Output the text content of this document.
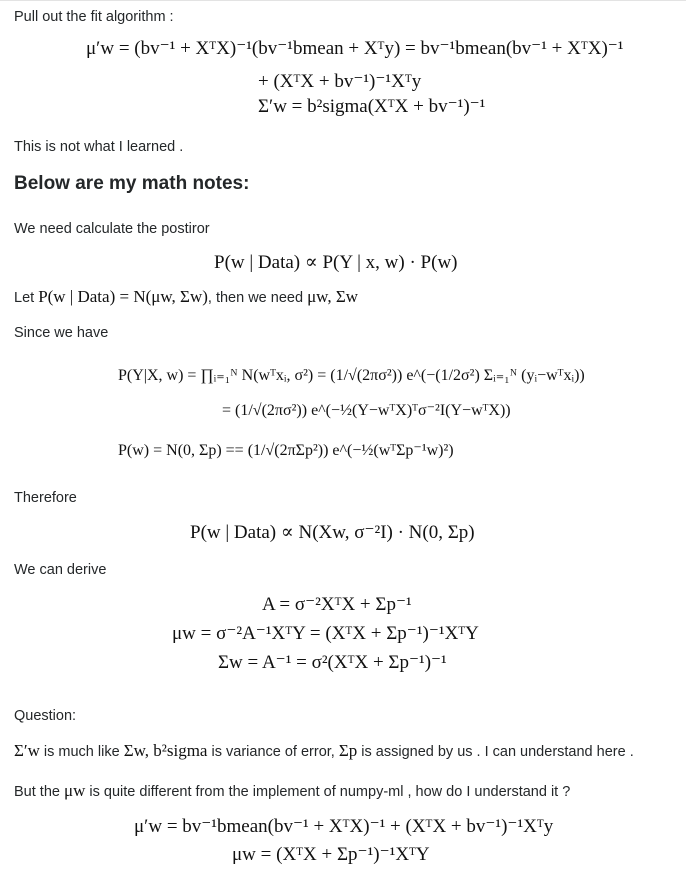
Pull out the fit algorithm :

μ′w = (bv⁻¹ + XᵀX)⁻¹(bv⁻¹bmean + Xᵀy) = bv⁻¹bmean(bv⁻¹ + XᵀX)⁻¹
+ (XᵀX + bv⁻¹)⁻¹Xᵀy
Σ′w = b²sigma(XᵀX + bv⁻¹)⁻¹

This is not what I learned .

Below are my math notes:

We need calculate the postiror

P(w | Data) ∝ P(Y | x, w) · P(w)

Let P(w | Data) = N(μw, Σw), then we need μw, Σw

Since we have

P(Y|X, w) = ∏ᵢ₌₁ᴺ N(wᵀxᵢ, σ²) = (1/√(2πσ²)) e^(−(1/2σ²) Σᵢ₌₁ᴺ (yᵢ−wᵀxᵢ))
= (1/√(2πσ²)) e^(−½(Y−wᵀX)ᵀσ⁻²I(Y−wᵀX))
P(w) = N(0, Σp) == (1/√(2πΣp²)) e^(−½(wᵀΣp⁻¹w)²)

Therefore

P(w | Data) ∝ N(Xw, σ⁻²I) · N(0, Σp)

We can derive

A = σ⁻²XᵀX + Σp⁻¹
μw = σ⁻²A⁻¹XᵀY = (XᵀX + Σp⁻¹)⁻¹XᵀY
Σw = A⁻¹ = σ²(XᵀX + Σp⁻¹)⁻¹

Question:

Σ′w is much like Σw, b²sigma is variance of error, Σp is assigned by us . I can understand here .

But the μw is quite different from the implement of numpy-ml , how do I understand it ?

μ′w = bv⁻¹bmean(bv⁻¹ + XᵀX)⁻¹ + (XᵀX + bv⁻¹)⁻¹Xᵀy
μw = (XᵀX + Σp⁻¹)⁻¹XᵀY
